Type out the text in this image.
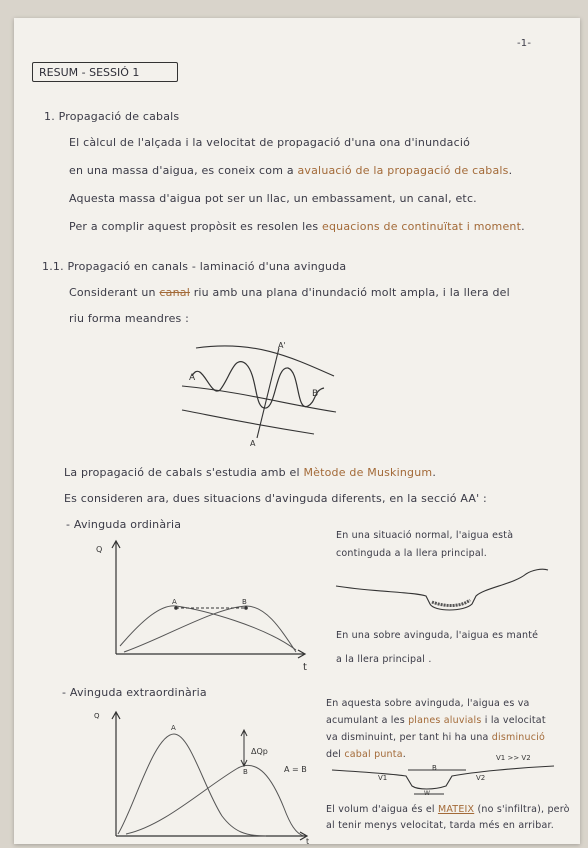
-1-
RESUM - SESSIÓ 1
1. Propagació de cabals
El càlcul de l'alçada i la velocitat de propagació d'una ona d'inundació
en una massa d'aigua, es coneix com a avaluació de la propagació de cabals.
Aquesta massa d'aigua pot ser un llac, un embassament, un canal, etc.
Per a complir aquest propòsit es resolen les equacions de continuïtat i moment.
1.1. Propagació en canals - laminació d'una avinguda
Considerant un canal riu amb una plana d'inundació molt ampla, i la llera del
riu forma meandres :
A
B
A'
A
La propagació de cabals s'estudia amb el Mètode de Muskingum.
Es consideren ara, dues situacions d'avinguda diferents, en la secció AA' :
- Avinguda ordinària
Q
t
A	B
En una situació normal, l'aigua està
continguda a la llera principal.
En una sobre avinguda, l'aigua es manté
a la llera principal .
- Avinguda extraordinària
Q
t
A
B
ΔQp
A = B
En aquesta sobre avinguda, l'aigua es va
acumulant a les planes aluvials i la velocitat
va disminuint, per tant hi ha una disminució
del cabal punta.
V1
B
V2
W
V1 >> V2
El volum d'aigua és el MATEIX (no s'infiltra), però
al tenir menys velocitat, tarda més en arribar.
